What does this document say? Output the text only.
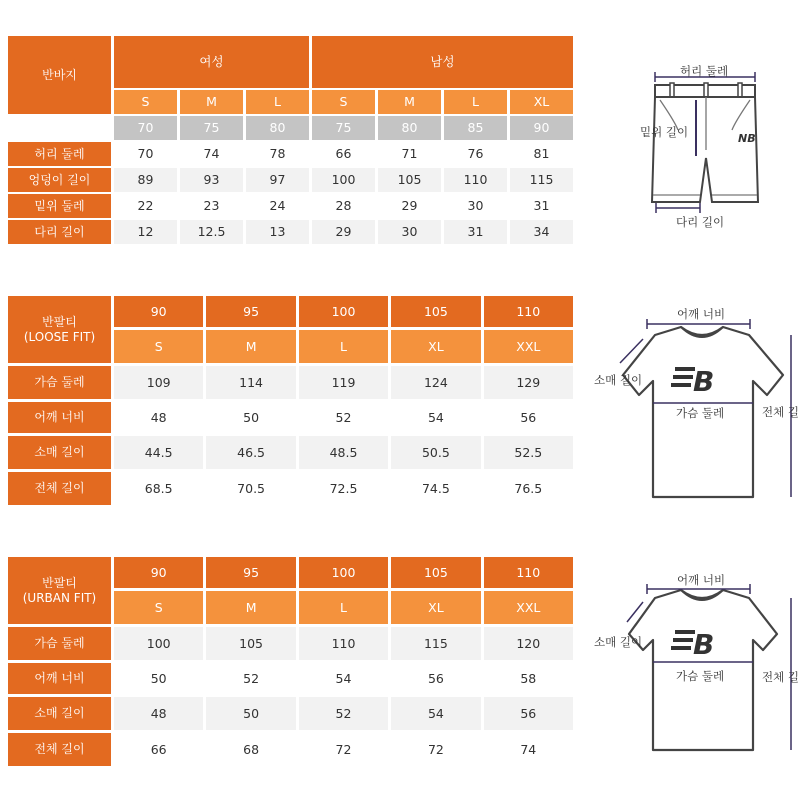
반바지
여성	남성
S	M	L	S	M	L	XL
70	75	80	75	80	85	90
허리 둘레	70	74	78	66	71	76	81
엉덩이 길이	89	93	97	100	105	110	115
밑위 둘레	22	23	24	28	29	30	31
다리 길이	12	12.5	13	29	30	31	34
반팔티
(LOOSE FIT)
90	95	100	105	110
S	M	L	XL	XXL
가슴 둘레	109	114	119	124	129
어깨 너비	48	50	52	54	56
소매 길이	44.5	46.5	48.5	50.5	52.5
전체 길이	68.5	70.5	72.5	74.5	76.5
반팔티
(URBAN FIT)
90	95	100	105	110
S	M	L	XL	XXL
가슴 둘레	100	105	110	115	120
어깨 너비	50	52	54	56	58
소매 길이	48	50	52	54	56
전체 길이	66	68	72	72	74
NB
허리 둘레
밑위 길이
다리 길이
B
어깨 너비
소매 길이
가슴 둘레	전체 길
B
어깨 너비
소매 길이
가슴 둘레	전체 길
